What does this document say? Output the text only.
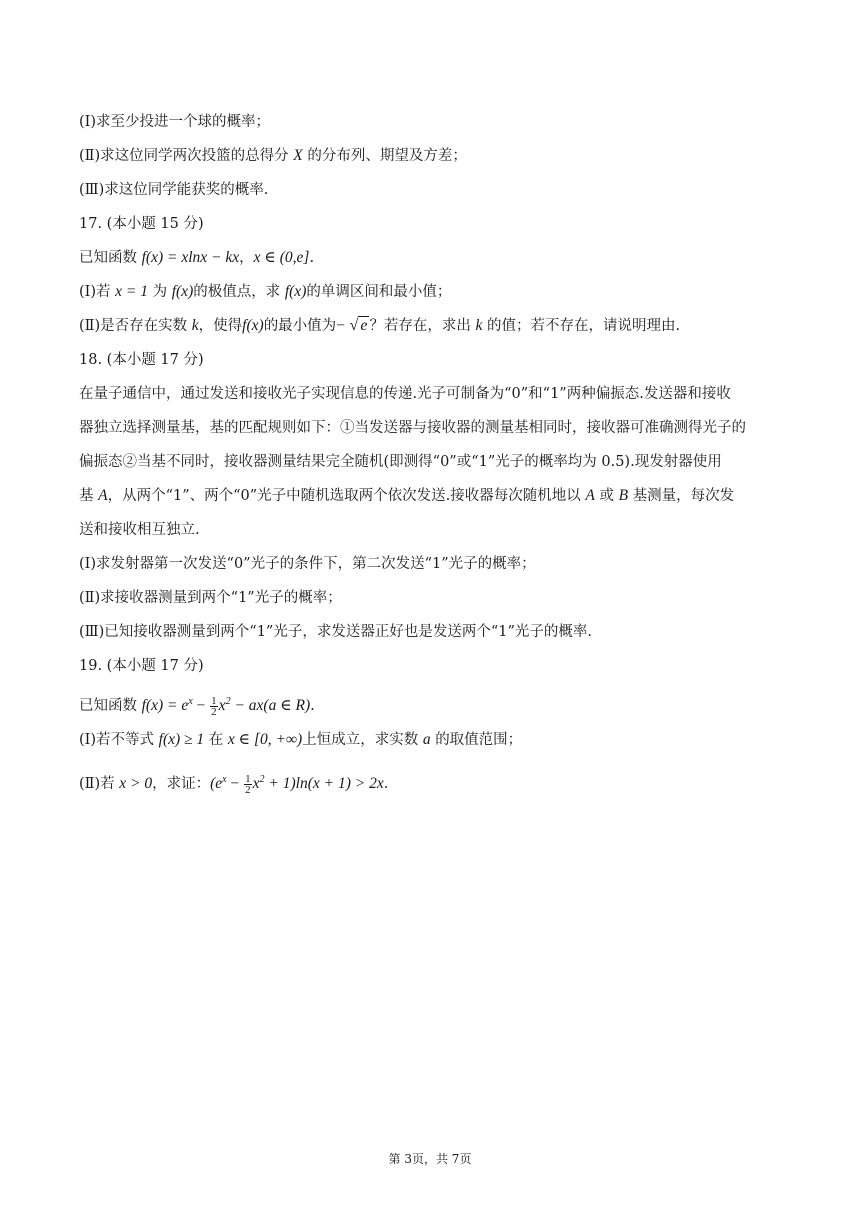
(I)求至少投进一个球的概率；
(Ⅱ)求这位同学两次投篮的总得分 X 的分布列、期望及方差；
(Ⅲ)求这位同学能获奖的概率.
17. (本小题 15 分)
已知函数 f(x) = xlnx − kx，x ∈ (0,e].
(I)若 x = 1 为 f(x)的极值点，求 f(x)的单调区间和最小值；
(Ⅱ)是否存在实数 k，使得f(x)的最小值为− √ e ？若存在，求出 k 的值；若不存在，请说明理由.
18. (本小题 17 分)
在量子通信中，通过发送和接收光子实现信息的传递.光子可制备为“0”和“1”两种偏振态.发送器和接收
器独立选择测量基，基的匹配规则如下：①当发送器与接收器的测量基相同时，接收器可准确测得光子的
偏振态②当基不同时，接收器测量结果完全随机(即测得“0”或“1”光子的概率均为 0.5).现发射器使用
基 A，从两个“1”、两个“0”光子中随机选取两个依次发送.接收器每次随机地以 A 或 B 基测量，每次发
送和接收相互独立.
(I)求发射器第一次发送“0”光子的条件下，第二次发送“1”光子的概率；
(Ⅱ)求接收器测量到两个“1”光子的概率；
(Ⅲ)已知接收器测量到两个“1”光子，求发送器正好也是发送两个“1”光子的概率.
19. (本小题 17 分)
已知函数 $f(x) = e^x - \frac{1}{2} x^2 - ax(a$ ∈ R).
(I)若不等式 f(x) ≥ 1 在 x ∈ [0, +∞)上恒成立，求实数 a 的取值范围；
(Ⅱ)若 x > 0，求证：$(e^x - \frac{1}{2} x^2 + 1)\ln(x + 1) > 2x$.
第 3页，共 7页
